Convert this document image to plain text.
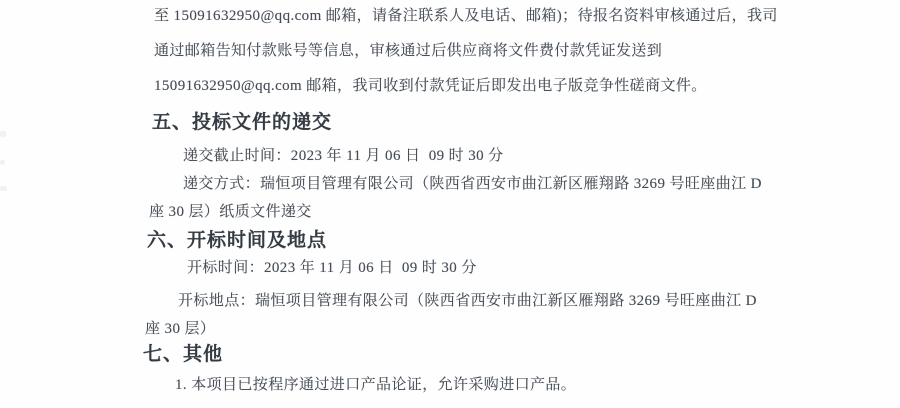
至 15091632950@qq.com 邮箱，请备注联系人及电话、邮箱)；待报名资料审核通过后，我司
通过邮箱告知付款账号等信息，审核通过后供应商将文件费付款凭证发送到
15091632950@qq.com 邮箱，我司收到付款凭证后即发出电子版竞争性磋商文件。
五、投标文件的递交
递交截止时间：2023 年 11 月 06 日  09 时 30 分
递交方式：瑞恒项目管理有限公司（陕西省西安市曲江新区雁翔路 3269 号旺座曲江 D
座 30 层）纸质文件递交
六、开标时间及地点
开标时间：2023 年 11 月 06 日  09 时 30 分
开标地点：瑞恒项目管理有限公司（陕西省西安市曲江新区雁翔路 3269 号旺座曲江 D
座 30 层）
七、其他
1. 本项目已按程序通过进口产品论证，允许采购进口产品。
